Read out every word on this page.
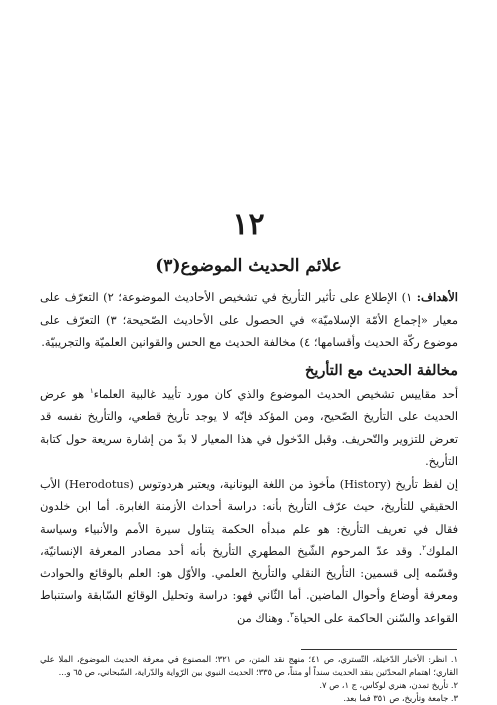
١٢
علائم الحديث الموضوع(٣)
الأهداف: ١) الإطلاع على تأثير التأريخ في تشخيص الأحاديث الموضوعة؛ ٢) التعرّف على معيار «إجماع الأمّة الإسلاميّة» في الحصول على الأحاديث الصّحيحة؛ ٣) التعرّف على موضوع ركّة الحديث وأقسامها؛ ٤) مخالفة الحديث مع الحس والقوانين العلميّة والتجريبيّة.
مخالفة الحديث مع التأريخ
أحد مقاييس تشخيص الحديث الموضوع والذي كان مورد تأييد غالبية العلماء$^١$ هو عرض الحديث على التأريخ الصّحيح، ومن المؤكد فإنّه لا يوجد تأريخ قطعي، والتأريخ نفسه قد تعرض للتزوير والتّحريف. وقبل الدّخول في هذا المعيار لا بدّ من إشارة سريعة حول كتابة التأريخ.
إن لفظ تأريخ (History) مأخوذ من اللغة اليونانية، ويعتبر هردوتوس (Herodotus) الأب الحقيقي للتأريخ، حيث عرّف التأريخ بأنه: دراسة أحداث الأزمنة الغابرة. أما ابن خلدون فقال في تعريف التأريخ: هو علم مبدأه الحكمة يتناول سيرة الأمم والأنبياء وسياسة الملوك$^٢$. وقد عدّ المرحوم الشّيخ المطهري التأريخ بأنه أحد مصادر المعرفة الإنسانيّة، وقسّمه إلى قسمين: التأريخ النقلي والتأريخ العلمي. والأوّل هو: العلم بالوقائع والحوادث ومعرفة أوضاع وأحوال الماضين. أما الثّاني فهو: دراسة وتحليل الوقائع السّابقة واستنباط القواعد والسّنن الحاكمة على الحياة$^٣$. وهناك من

١. انظر: الأخبار الدّخيلة، التّستري، ص ٤١؛ منهج نقد المتن، ص ٣٢١؛ المصنوع في معرفة الحديث الموضوع، الملا علي القاري؛ اهتمام المحدّثين بنقد الحديث سنداً أو متناً، ص ٣٣٥؛ الحديث النبوي بين الرّواية والدّراية، السّبحاني، ص ٦٥ و...

٢. تأريخ تمدن، هنري لوكاس، ج ١، ص ٧.

٣. جامعة وتأريخ، ص ٣٥١ فما بعد.
